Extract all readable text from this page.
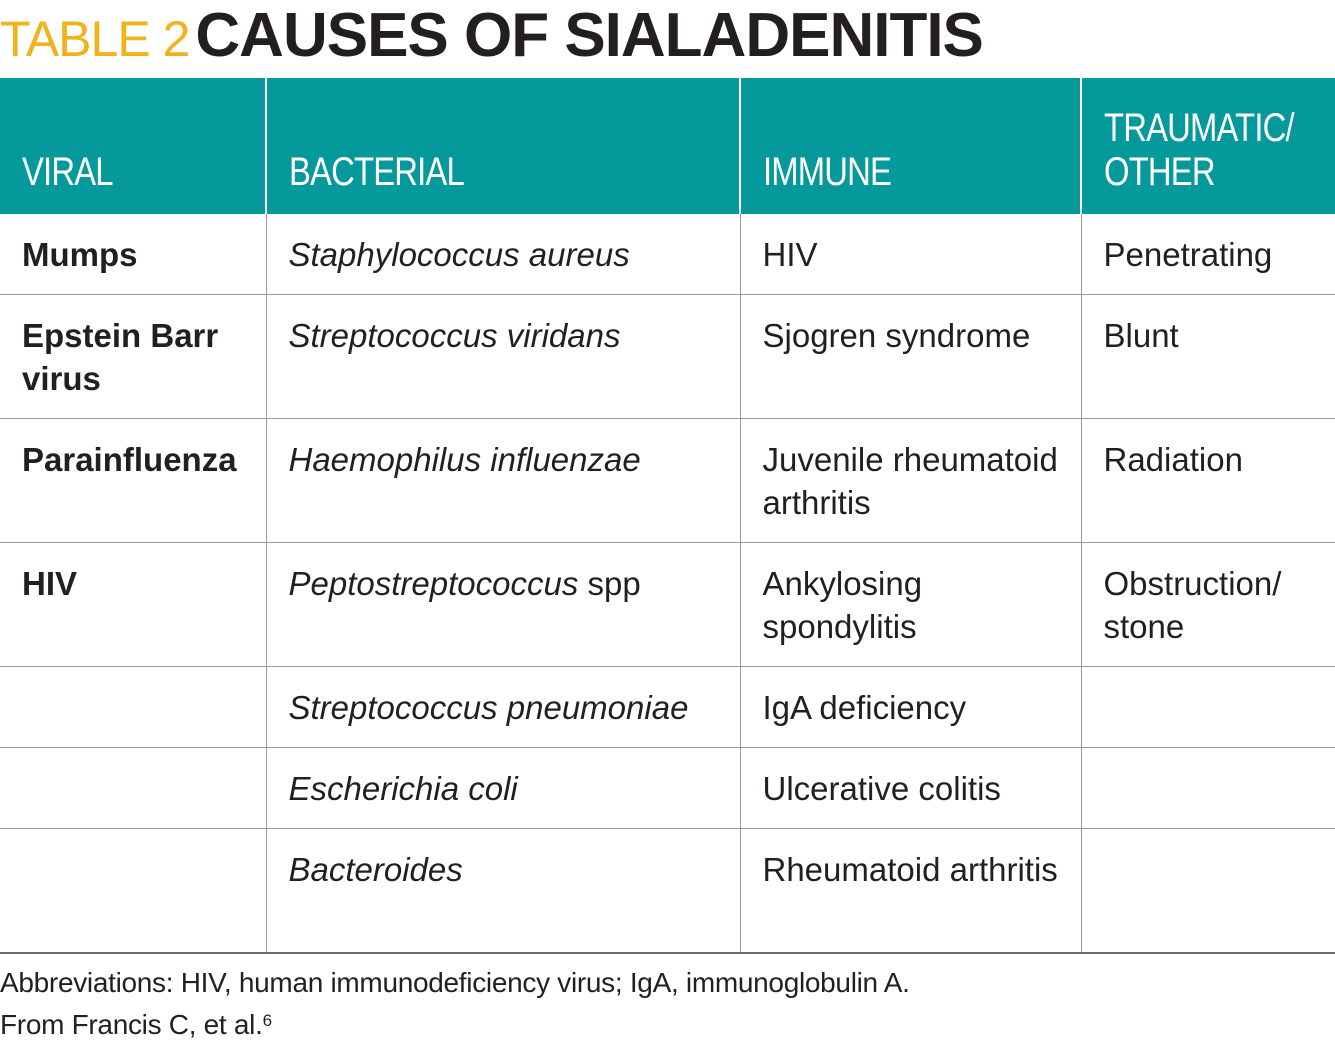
TABLE 2CAUSES OF SIALADENITIS
VIRAL	BACTERIAL	IMMUNE	TRAUMATIC/
OTHER
Mumps	Staphylococcus aureus	HIV	Penetrating
Epstein Barr virus	Streptococcus viridans	Sjogren syndrome	Blunt
Parainfluenza	Haemophilus influenzae	Juvenile rheumatoid arthritis	Radiation
HIV	Peptostreptococcus spp	Ankylosing spondylitis	Obstruction/ stone
	Streptococcus pneumoniae	IgA deficiency	
	Escherichia coli	Ulcerative colitis	
	Bacteroides	Rheumatoid arthritis	
Abbreviations: HIV, human immunodeficiency virus; IgA, immunoglobulin A.
From Francis C, et al.$^6$
